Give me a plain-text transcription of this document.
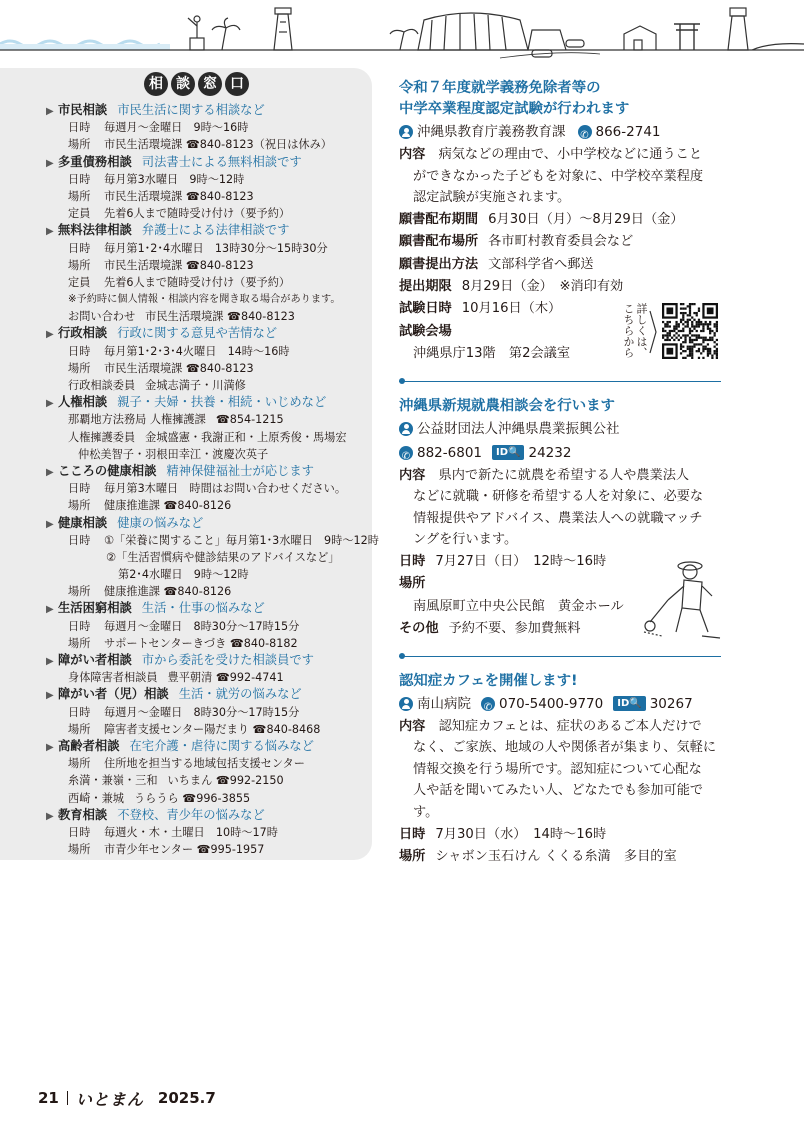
相 談 窓 口
▶ 市民相談 市民生活に関する相談など
日時 毎週月〜金曜日　9時〜16時
場所 市民生活環境課 ☎840-8123（祝日は休み）
▶ 多重債務相談 司法書士による無料相談です
日時 毎月第3水曜日　9時〜12時
場所 市民生活環境課 ☎840-8123
定員 先着6人まで随時受け付け（要予約）
▶ 無料法律相談 弁護士による法律相談です
日時 毎月第1･2･4水曜日　13時30分〜15時30分
場所 市民生活環境課 ☎840-8123
定員 先着6人まで随時受け付け（要予約）
※予約時に個人情報・相談内容を聞き取る場合があります。
お問い合わせ 市民生活環境課 ☎840-8123
▶ 行政相談 行政に関する意見や苦情など
日時 毎月第1･2･3･4火曜日　14時〜16時
場所 市民生活環境課 ☎840-8123
行政相談委員 金城志満子・川満修
▶ 人権相談 親子・夫婦・扶養・相続・いじめなど
那覇地方法務局 人権擁護課 ☎854-1215
人権擁護委員 金城盛憲・我謝正和・上原秀俊・馬場宏
仲松美智子・羽根田幸江・渡慶次英子
▶ こころの健康相談 精神保健福祉士が応じます
日時 毎月第3木曜日　時間はお問い合わせください。
場所 健康推進課 ☎840-8126
▶ 健康相談 健康の悩みなど
日時 ①「栄養に関すること」毎月第1･3水曜日　9時〜12時
②「生活習慣病や健診結果のアドバイスなど」
第2･4水曜日　9時〜12時
場所 健康推進課 ☎840-8126
▶ 生活困窮相談 生活・仕事の悩みなど
日時 毎週月〜金曜日　8時30分〜17時15分
場所 サポートセンターきづき ☎840-8182
▶ 障がい者相談 市から委託を受けた相談員です
身体障害者相談員 豊平朝清 ☎992-4741
▶ 障がい者（児）相談 生活・就労の悩みなど
日時 毎週月〜金曜日　8時30分〜17時15分
場所 障害者支援センター陽だまり ☎840-8468
▶ 高齢者相談 在宅介護・虐待に関する悩みなど
場所 住所地を担当する地域包括支援センター
糸満・兼嶺・三和 いちまん ☎992-2150
西崎・兼城 うらうら ☎996-3855
▶ 教育相談 不登校、青少年の悩みなど
日時 毎週火・木・土曜日　10時〜17時
場所 市青少年センター ☎995-1957
令和７年度就学義務免除者等の
中学卒業程度認定試験が行われます
沖縄県教育庁義務教育課 ✆ 866-2741
内容　 病気などの理由で、小中学校などに通うこと
ができなかった子どもを対象に、中学校卒業程度
認定試験が実施されます。
願書配布期間 6月30日（月）〜8月29日（金）
願書配布場所 各市町村教育委員会など
願書提出方法 文部科学省へ郵送
提出期限 8月29日（金）　※消印有効
試験日時 10月16日（木）
試験会場
沖縄県庁13階　第2会議室
沖縄県新規就農相談会を行います
公益財団法人沖縄県農業振興公社
✆
882-6801	ID🔍 24232
内容　 県内で新たに就農を希望する人や農業法人
などに就職・研修を希望する人を対象に、必要な
情報提供やアドバイス、農業法人への就職マッチ
ングを行います。
日時 7月27日（日）　12時〜16時
場所
南風原町立中央公民館　黄金ホール
その他 予約不要、参加費無料
認知症カフェを開催します!
南山病院 ✆ 070-5400-9770	ID🔍 30267
内容　 認知症カフェとは、症状のあるご本人だけで
なく、ご家族、地域の人や関係者が集まり、気軽に
情報交換を行う場所です。認知症について心配な
人や話を聞いてみたい人、どなたでも参加可能です。
日時 7月30日（水）　14時〜16時
場所 シャボン玉石けん くくる糸満　多目的室
詳しくは、こちらから
21 いとまん 2025.7
